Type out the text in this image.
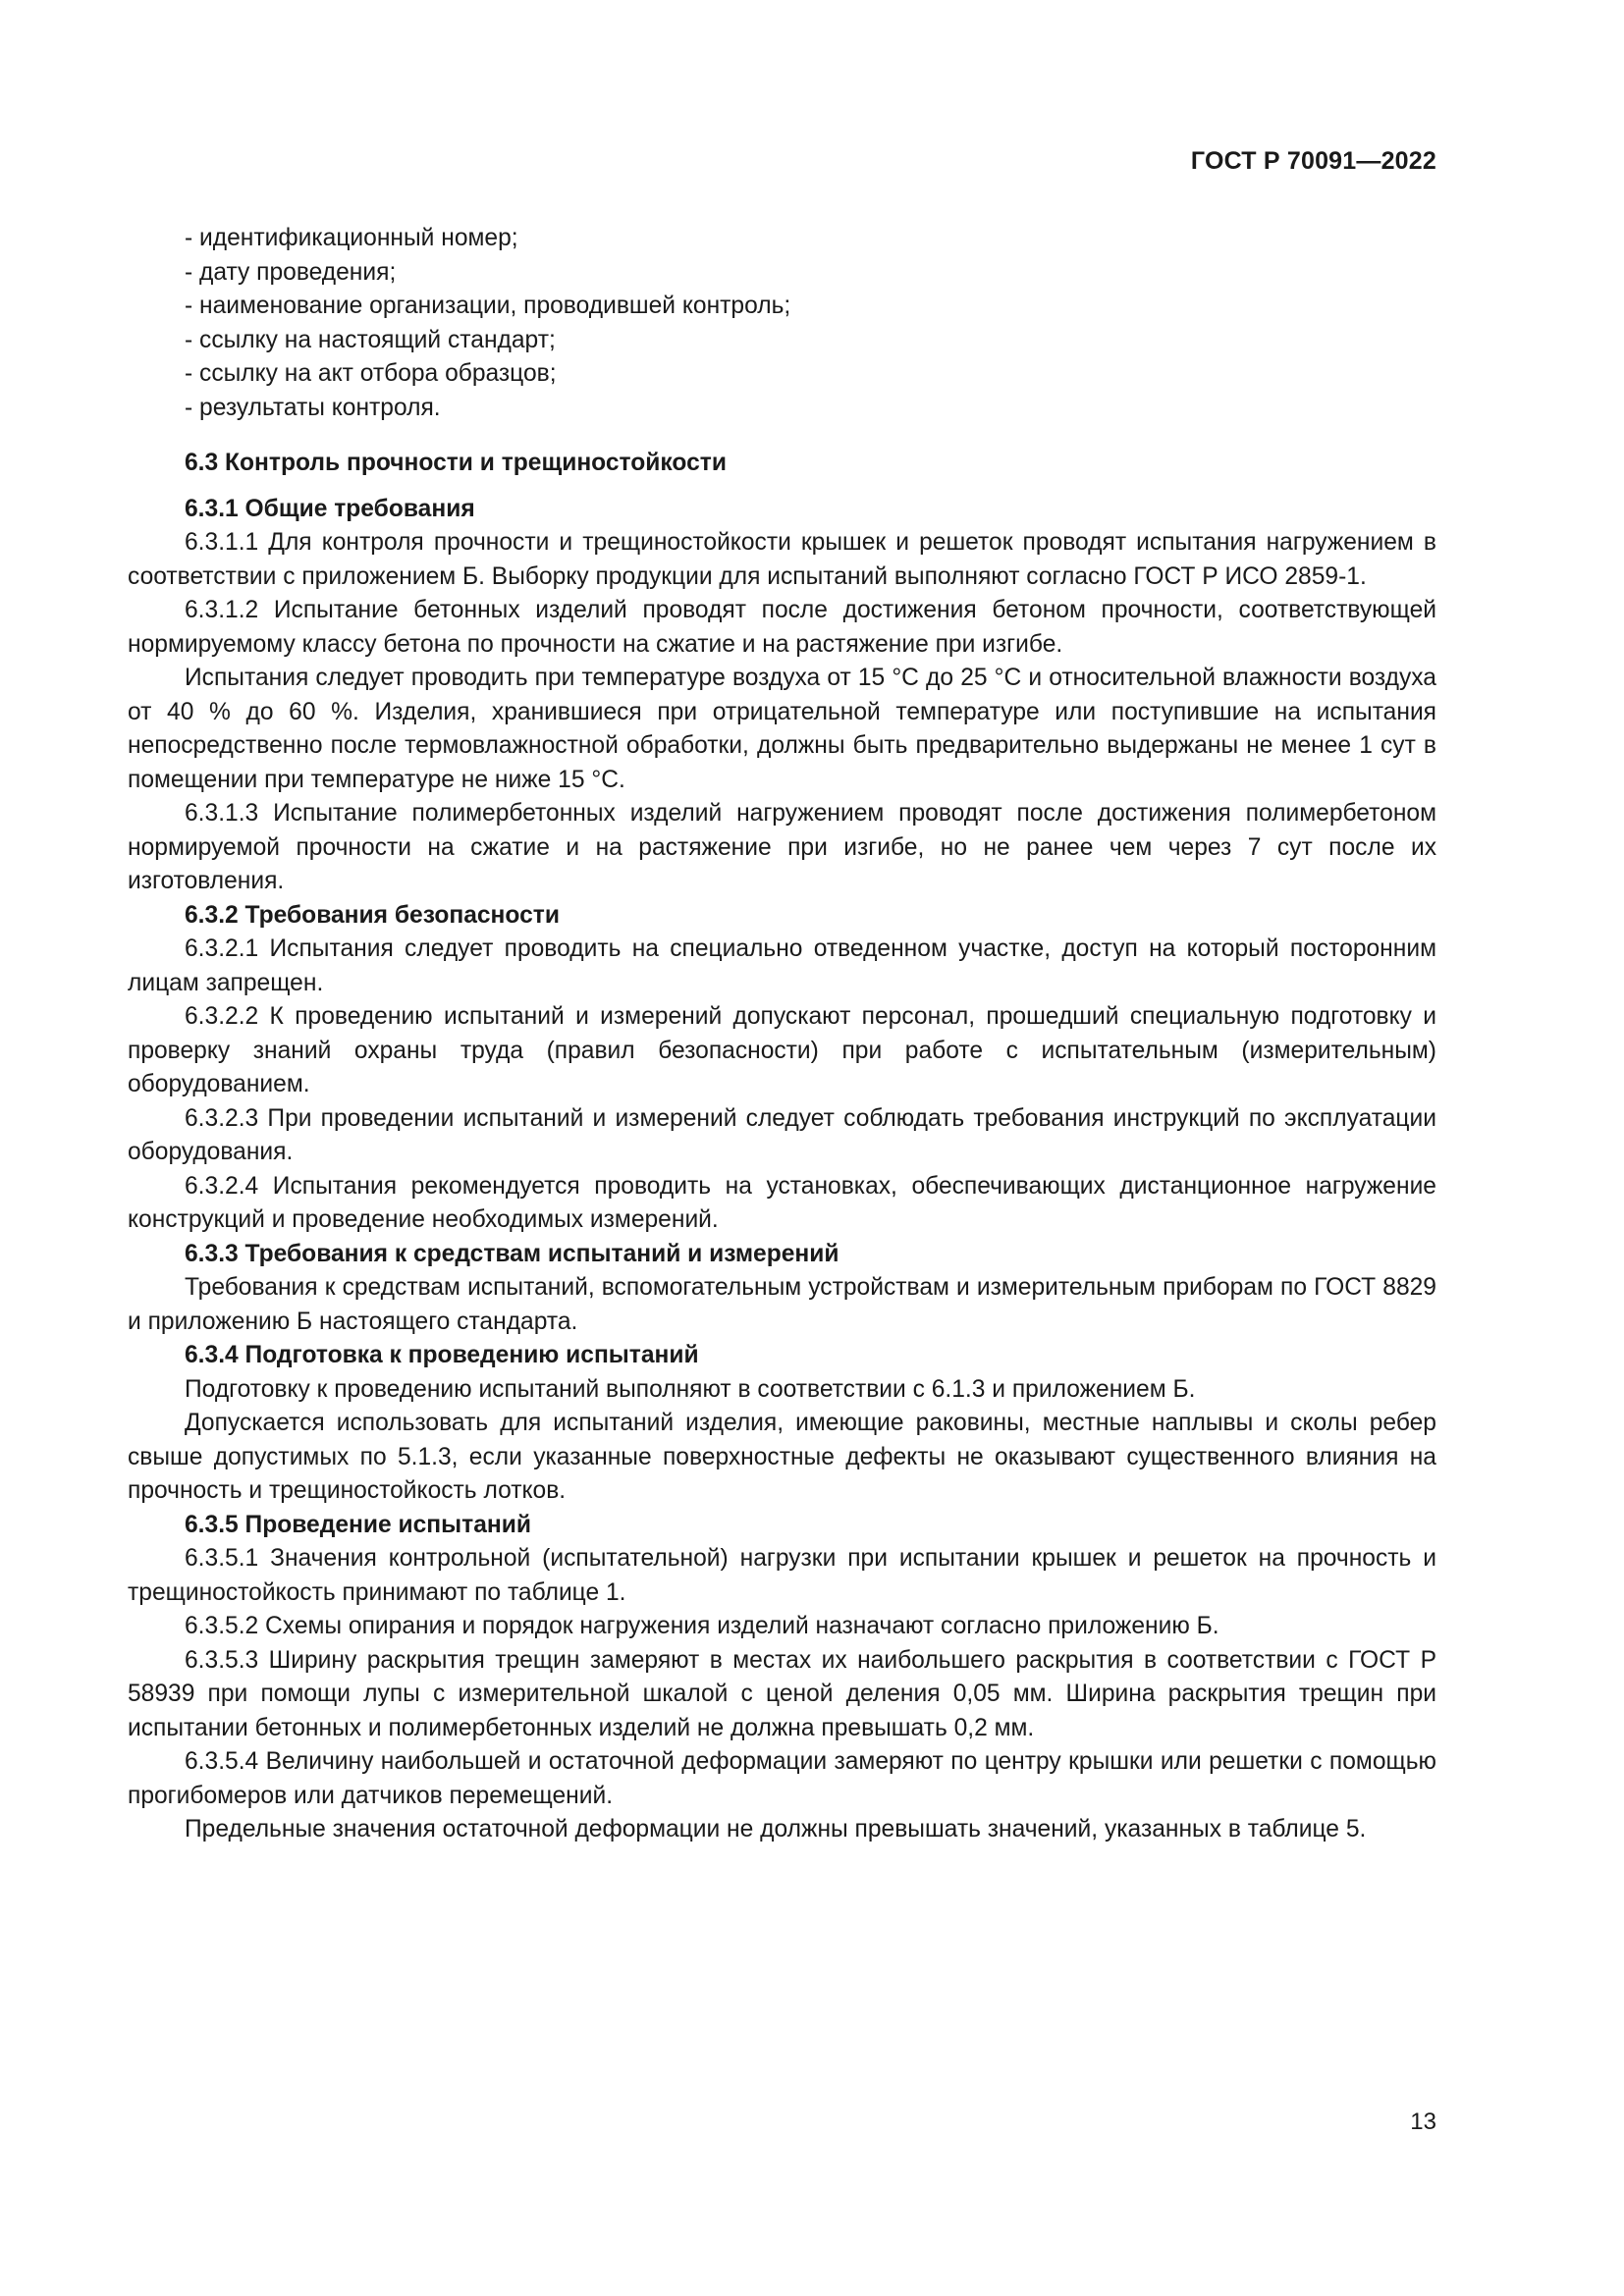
ГОСТ Р 70091—2022

- идентификационный номер;

- дату проведения;

- наименование организации, проводившей контроль;

- ссылку на настоящий стандарт;

- ссылку на акт отбора образцов;

- результаты контроля.

6.3 Контроль прочности и трещиностойкости

6.3.1 Общие требования

6.3.1.1 Для контроля прочности и трещиностойкости крышек и решеток проводят испытания нагружением в соответствии с приложением Б. Выборку продукции для испытаний выполняют согласно ГОСТ Р ИСО 2859-1.

6.3.1.2 Испытание бетонных изделий проводят после достижения бетоном прочности, соответствующей нормируемому классу бетона по прочности на сжатие и на растяжение при изгибе.

Испытания следует проводить при температуре воздуха от 15 °C до 25 °C и относительной влажности воздуха от 40 % до 60 %. Изделия, хранившиеся при отрицательной температуре или поступившие на испытания непосредственно после термовлажностной обработки, должны быть предварительно выдержаны не менее 1 сут в помещении при температуре не ниже 15 °C.

6.3.1.3 Испытание полимербетонных изделий нагружением проводят после достижения полимербетоном нормируемой прочности на сжатие и на растяжение при изгибе, но не ранее чем через 7 сут после их изготовления.

6.3.2 Требования безопасности

6.3.2.1 Испытания следует проводить на специально отведенном участке, доступ на который посторонним лицам запрещен.

6.3.2.2 К проведению испытаний и измерений допускают персонал, прошедший специальную подготовку и проверку знаний охраны труда (правил безопасности) при работе с испытательным (измерительным) оборудованием.

6.3.2.3 При проведении испытаний и измерений следует соблюдать требования инструкций по эксплуатации оборудования.

6.3.2.4 Испытания рекомендуется проводить на установках, обеспечивающих дистанционное нагружение конструкций и проведение необходимых измерений.

6.3.3 Требования к средствам испытаний и измерений

Требования к средствам испытаний, вспомогательным устройствам и измерительным приборам по ГОСТ 8829 и приложению Б настоящего стандарта.

6.3.4 Подготовка к проведению испытаний

Подготовку к проведению испытаний выполняют в соответствии с 6.1.3 и приложением Б.

Допускается использовать для испытаний изделия, имеющие раковины, местные наплывы и сколы ребер свыше допустимых по 5.1.3, если указанные поверхностные дефекты не оказывают существенного влияния на прочность и трещиностойкость лотков.

6.3.5 Проведение испытаний

6.3.5.1 Значения контрольной (испытательной) нагрузки при испытании крышек и решеток на прочность и трещиностойкость принимают по таблице 1.

6.3.5.2 Схемы опирания и порядок нагружения изделий назначают согласно приложению Б.

6.3.5.3 Ширину раскрытия трещин замеряют в местах их наибольшего раскрытия в соответствии с ГОСТ Р 58939 при помощи лупы с измерительной шкалой с ценой деления 0,05 мм. Ширина раскрытия трещин при испытании бетонных и полимербетонных изделий не должна превышать 0,2 мм.

6.3.5.4 Величину наибольшей и остаточной деформации замеряют по центру крышки или решетки с помощью прогибомеров или датчиков перемещений.

Предельные значения остаточной деформации не должны превышать значений, указанных в таблице 5.

13
